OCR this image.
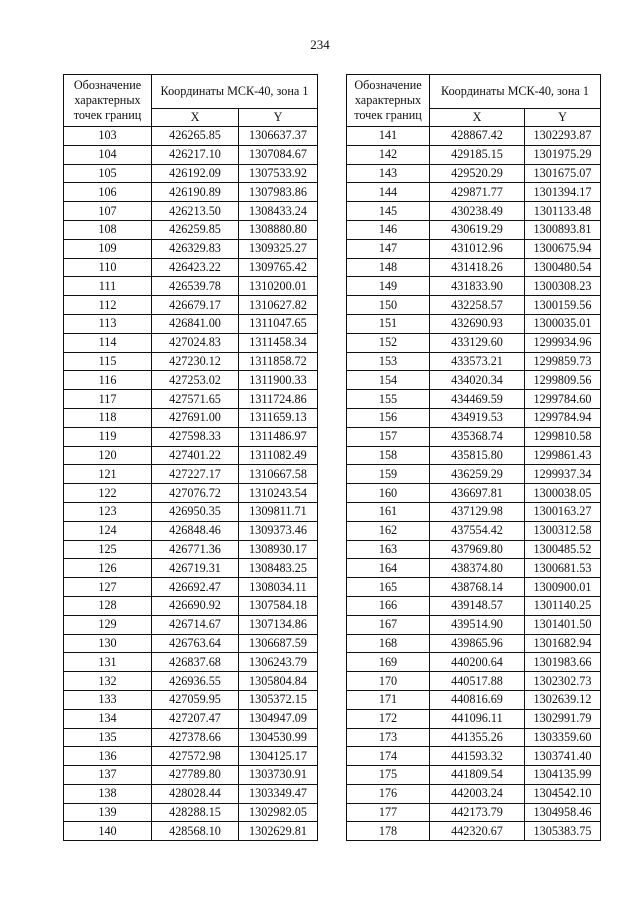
234
Обозначение характерных точек границ	Координаты МСК-40, зона 1	
	X	Y
103	426265.85	1306637.37
104	426217.10	1307084.67
105	426192.09	1307533.92
106	426190.89	1307983.86
107	426213.50	1308433.24
108	426259.85	1308880.80
109	426329.83	1309325.27
110	426423.22	1309765.42
111	426539.78	1310200.01
112	426679.17	1310627.82
113	426841.00	1311047.65
114	427024.83	1311458.34
115	427230.12	1311858.72
116	427253.02	1311900.33
117	427571.65	1311724.86
118	427691.00	1311659.13
119	427598.33	1311486.97
120	427401.22	1311082.49
121	427227.17	1310667.58
122	427076.72	1310243.54
123	426950.35	1309811.71
124	426848.46	1309373.46
125	426771.36	1308930.17
126	426719.31	1308483.25
127	426692.47	1308034.11
128	426690.92	1307584.18
129	426714.67	1307134.86
130	426763.64	1306687.59
131	426837.68	1306243.79
132	426936.55	1305804.84
133	427059.95	1305372.15
134	427207.47	1304947.09
135	427378.66	1304530.99
136	427572.98	1304125.17
137	427789.80	1303730.91
138	428028.44	1303349.47
139	428288.15	1302982.05
140	428568.10	1302629.81
Обозначение характерных точек границ	Координаты МСК-40, зона 1	
	X	Y
141	428867.42	1302293.87
142	429185.15	1301975.29
143	429520.29	1301675.07
144	429871.77	1301394.17
145	430238.49	1301133.48
146	430619.29	1300893.81
147	431012.96	1300675.94
148	431418.26	1300480.54
149	431833.90	1300308.23
150	432258.57	1300159.56
151	432690.93	1300035.01
152	433129.60	1299934.96
153	433573.21	1299859.73
154	434020.34	1299809.56
155	434469.59	1299784.60
156	434919.53	1299784.94
157	435368.74	1299810.58
158	435815.80	1299861.43
159	436259.29	1299937.34
160	436697.81	1300038.05
161	437129.98	1300163.27
162	437554.42	1300312.58
163	437969.80	1300485.52
164	438374.80	1300681.53
165	438768.14	1300900.01
166	439148.57	1301140.25
167	439514.90	1301401.50
168	439865.96	1301682.94
169	440200.64	1301983.66
170	440517.88	1302302.73
171	440816.69	1302639.12
172	441096.11	1302991.79
173	441355.26	1303359.60
174	441593.32	1303741.40
175	441809.54	1304135.99
176	442003.24	1304542.10
177	442173.79	1304958.46
178	442320.67	1305383.75
